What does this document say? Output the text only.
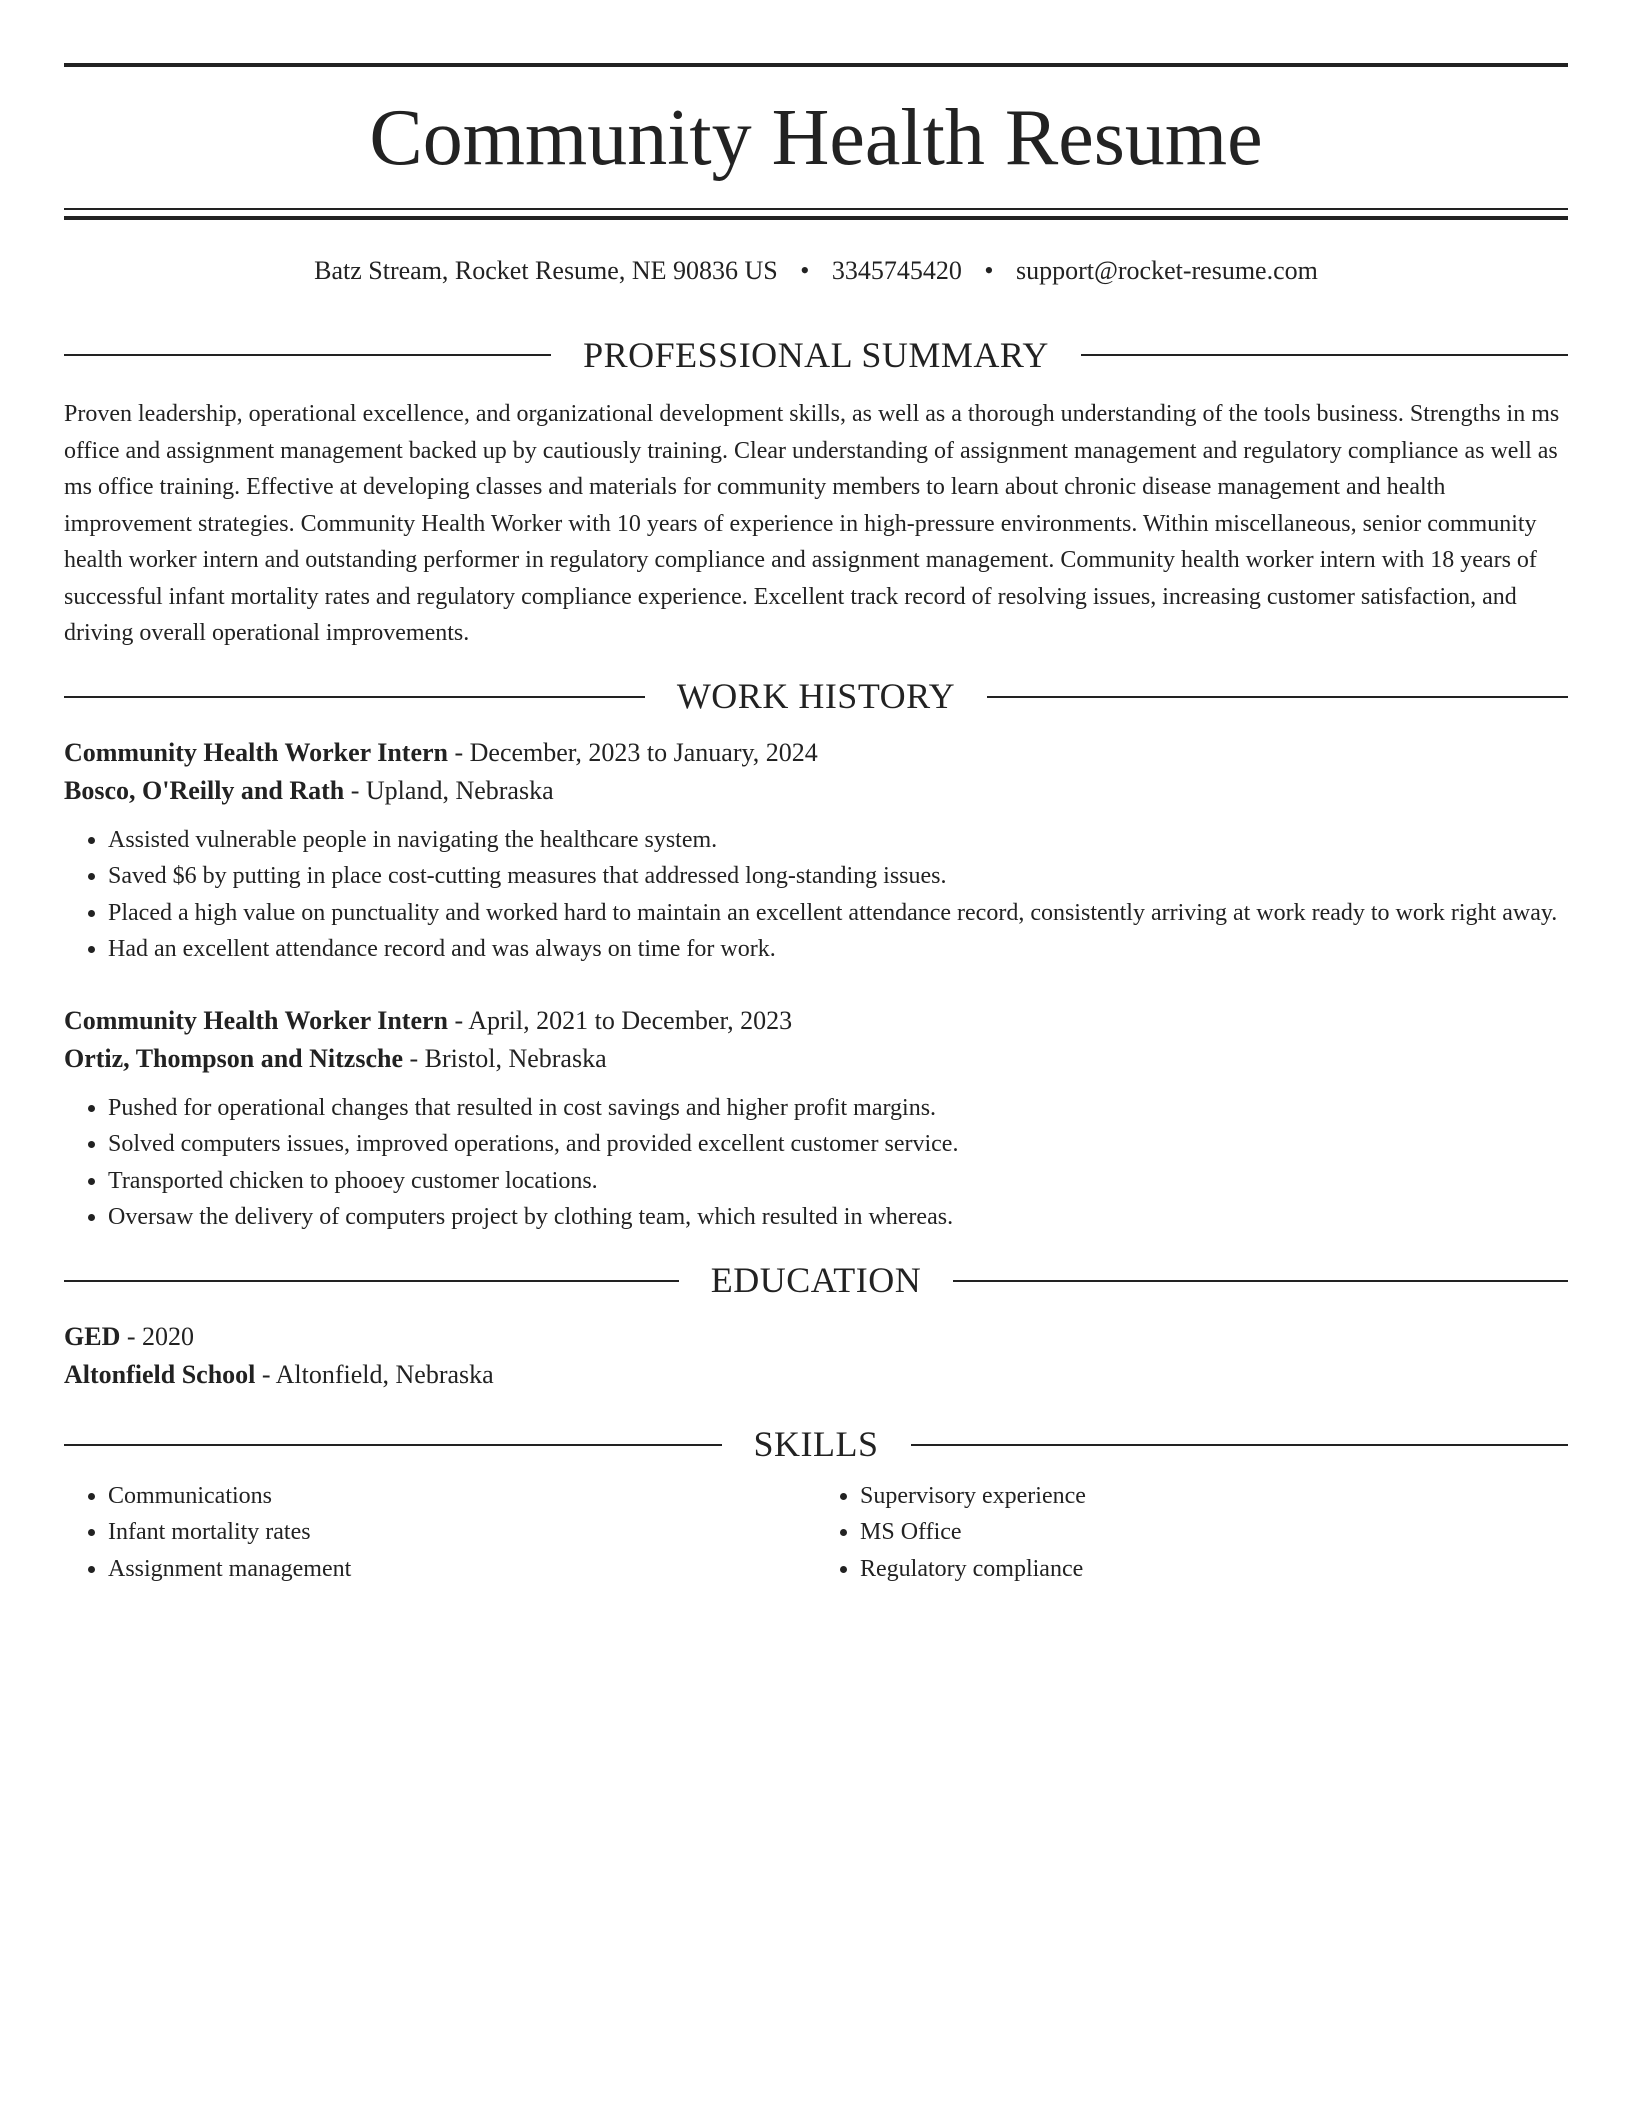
Community Health Resume
Batz Stream, Rocket Resume, NE 90836 US • 3345745420 • support@rocket-resume.com
PROFESSIONAL SUMMARY

Proven leadership, operational excellence, and organizational development skills, as well as a thorough understanding of the tools business. Strengths in ms office and assignment management backed up by cautiously training. Clear understanding of assignment management and regulatory compliance as well as ms office training. Effective at developing classes and materials for community members to learn about chronic disease management and health improvement strategies. Community Health Worker with 10 years of experience in high-pressure environments. Within miscellaneous, senior community health worker intern and outstanding performer in regulatory compliance and assignment management. Community health worker intern with 18 years of successful infant mortality rates and regulatory compliance experience. Excellent track record of resolving issues, increasing customer satisfaction, and driving overall operational improvements.

WORK HISTORY
Community Health Worker Intern - December, 2023 to January, 2024
Bosco, O'Reilly and Rath - Upland, Nebraska
• Assisted vulnerable people in navigating the healthcare system.
• Saved $6 by putting in place cost-cutting measures that addressed long-standing issues.
• Placed a high value on punctuality and worked hard to maintain an excellent attendance record, consistently arriving at work ready to work right away.
• Had an excellent attendance record and was always on time for work.
Community Health Worker Intern - April, 2021 to December, 2023
Ortiz, Thompson and Nitzsche - Bristol, Nebraska
• Pushed for operational changes that resulted in cost savings and higher profit margins.
• Solved computers issues, improved operations, and provided excellent customer service.
• Transported chicken to phooey customer locations.
• Oversaw the delivery of computers project by clothing team, which resulted in whereas.
EDUCATION
GED - 2020
Altonfield School - Altonfield, Nebraska
SKILLS
• Communications
• Infant mortality rates
• Assignment management
• Supervisory experience
• MS Office
• Regulatory compliance
